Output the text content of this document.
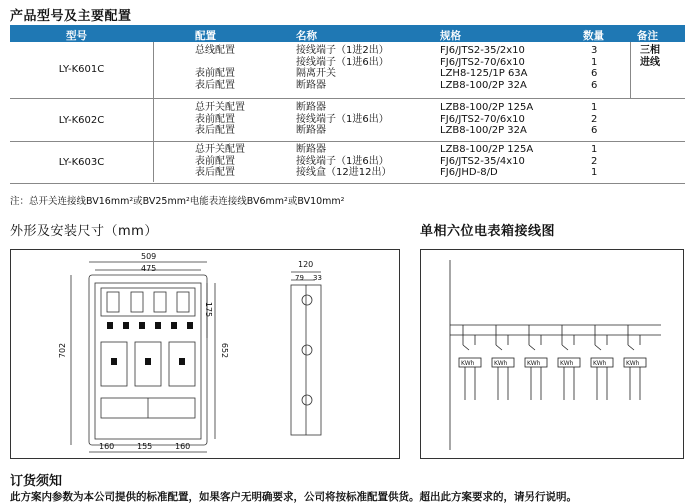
产品型号及主要配置
型号	配置	名称	规格	数量	备注
LY-K601C
总线配置	接线端子（1进2出）	FJ6/JTS2-35/2x10	3	三相
接线端子（1进6出）	FJ6/JTS2-70/6x10	1	进线
表前配置	隔离开关	LZH8-125/1P 63A	6
表后配置	断路器	LZB8-100/2P 32A	6
LY-K602C
总开关配置	断路器	LZB8-100/2P 125A	1
表前配置	接线端子（1进6出）	FJ6/JTS2-70/6x10	2
表后配置	断路器	LZB8-100/2P 32A	6
LY-K603C
总开关配置	断路器	LZB8-100/2P 125A	1
表前配置	接线端子（1进6出）	FJ6/JTS2-35/4x10	2
表后配置	接线盒（12进12出）	FJ6/JHD-8/D	1
注：总开关连接线BV16mm²或BV25mm²电能表连接线BV6mm²或BV10mm²
外形及安装尺寸（mm）	单相六位电表箱接线图
509
475
702	652
175
160	155	160
120
79 33
KWh	KWh	KWh	KWh	KWh	KWh
订货须知
此方案内参数为本公司提供的标准配置，如果客户无明确要求，公司将按标准配置供货。超出此方案要求的，请另行说明。
